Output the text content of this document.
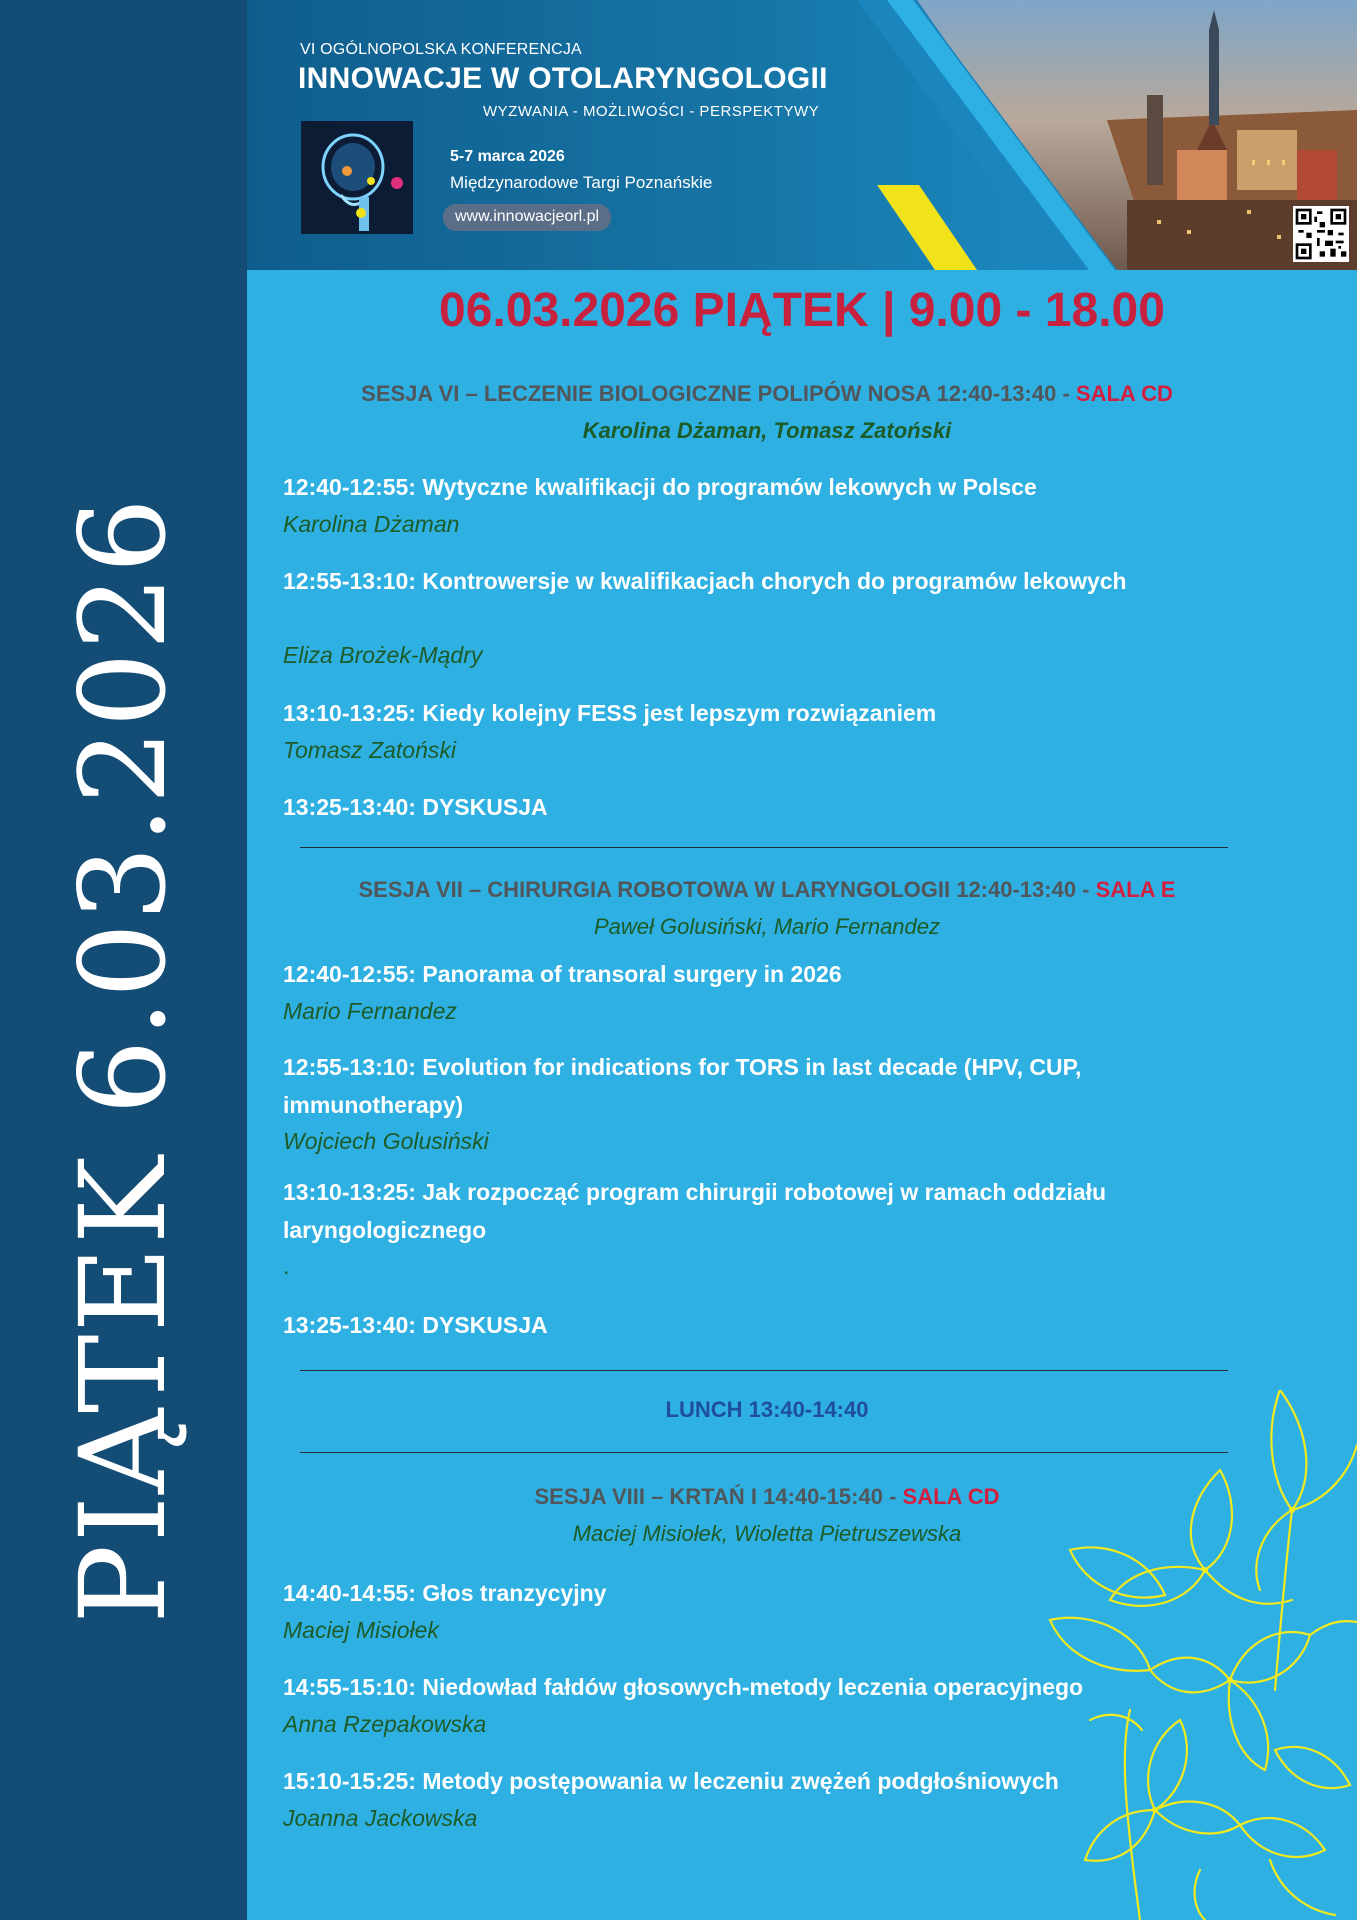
PIĄTEK 6.03.2026
VI OGÓLNOPOLSKA KONFERENCJA
INNOWACJE W OTOLARYNGOLOGII
WYZWANIA - MOŻLIWOŚCI - PERSPEKTYWY
5-7 marca 2026
Międzynarodowe Targi Poznańskie
www.innowacjeorl.pl
06.03.2026 PIĄTEK | 9.00 - 18.00
SESJA VI – LECZENIE BIOLOGICZNE POLIPÓW NOSA 12:40-13:40 - SALA CD
Karolina Dżaman, Tomasz Zatoński
12:40-12:55: Wytyczne kwalifikacji do programów lekowych w Polsce
Karolina Dżaman
12:55-13:10: Kontrowersje w kwalifikacjach chorych do programów lekowych
Eliza Brożek-Mądry
13:10-13:25: Kiedy kolejny FESS jest lepszym rozwiązaniem
Tomasz Zatoński
13:25-13:40: DYSKUSJA
SESJA VII – CHIRURGIA ROBOTOWA W LARYNGOLOGII 12:40-13:40 - SALA E
Paweł Golusiński, Mario Fernandez
12:40-12:55: Panorama of transoral surgery in 2026
Mario Fernandez
12:55-13:10: Evolution for indications for TORS in last decade (HPV, CUP, immunotherapy)
Wojciech Golusiński
13:10-13:25: Jak rozpocząć program chirurgii robotowej w ramach oddziału laryngologicznego
.
13:25-13:40: DYSKUSJA
LUNCH 13:40-14:40
SESJA VIII – KRTAŃ I 14:40-15:40 - SALA CD
Maciej Misiołek, Wioletta Pietruszewska
14:40-14:55: Głos tranzycyjny
Maciej Misiołek
14:55-15:10: Niedowład fałdów głosowych-metody leczenia operacyjnego
Anna Rzepakowska
15:10-15:25: Metody postępowania w leczeniu zwężeń podgłośniowych
Joanna Jackowska
